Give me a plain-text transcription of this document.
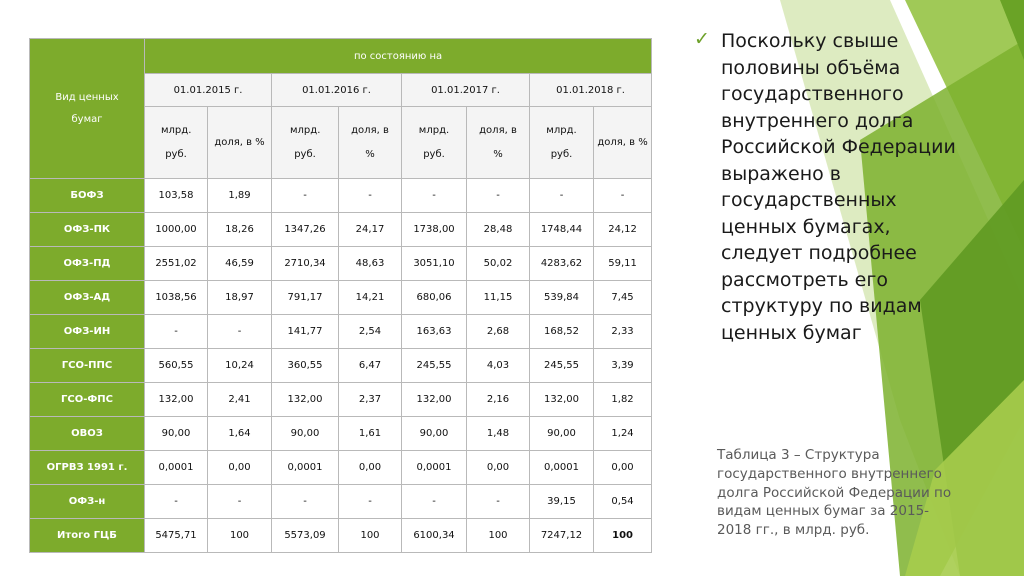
Вид ценных бумаг	по состоянию на							
	01.01.2015 г.		01.01.2016 г.		01.01.2017 г.		01.01.2018 г.	
	млрд. руб.	доля, в %	млрд. руб.	доля, в %	млрд. руб.	доля, в %	млрд. руб.	доля, в %
БОФЗ	103,58	1,89	-	-	-	-	-	-
ОФЗ-ПК	1000,00	18,26	1347,26	24,17	1738,00	28,48	1748,44	24,12
ОФЗ-ПД	2551,02	46,59	2710,34	48,63	3051,10	50,02	4283,62	59,11
ОФЗ-АД	1038,56	18,97	791,17	14,21	680,06	11,15	539,84	7,45
ОФЗ-ИН	-	-	141,77	2,54	163,63	2,68	168,52	2,33
ГСО-ППС	560,55	10,24	360,55	6,47	245,55	4,03	245,55	3,39
ГСО-ФПС	132,00	2,41	132,00	2,37	132,00	2,16	132,00	1,82
ОВОЗ	90,00	1,64	90,00	1,61	90,00	1,48	90,00	1,24
ОГРВЗ 1991 г.	0,0001	0,00	0,0001	0,00	0,0001	0,00	0,0001	0,00
ОФЗ-н	-	-	-	-	-	-	39,15	0,54
Итого ГЦБ	5475,71	100	5573,09	100	6100,34	100	7247,12	100
✓ Поскольку свыше половины объёма государственного внутреннего долга Российской Федерации выражено в государственных ценных бумагах, следует подробнее рассмотреть его структуру по видам ценных бумаг

Таблица 3 – Структура государственного внутреннего долга Российской Федерации по видам ценных бумаг за 2015-2018 гг., в млрд. руб.
